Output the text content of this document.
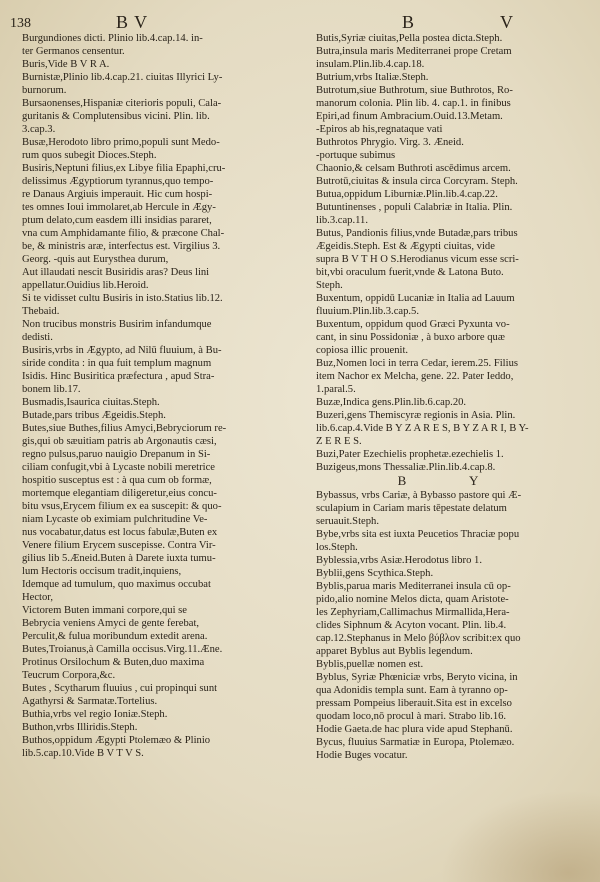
138	B V	B	V
Burgundiones dicti. Plinio lib.4.cap.14. in-
ter Germanos censentur.
Buris,Vide B V R A.
Burnistæ,Plinio lib.4.cap.21. ciuitas Illyrici Ly-
burnorum.
Bursaonenses,Hispaniæ citerioris populi, Cala-
guritanis & Complutensibus vicini. Plin. lib.
3.cap.3.
Busæ,Herodoto libro primo,populi sunt Medo-
rum quos subegit Dioces.Steph.
Busiris,Neptuni filius,ex Libye filia Epaphi,cru-
delissimus Ægyptiorum tyrannus,quo tempo-
re Danaus Argiuis imperauit. Hic cum hospi-
tes omnes Ioui immolaret,ab Hercule in Ægy-
ptum delato,cum easdem illi insidias pararet,
vna cum Amphidamante filio, & præcone Chal-
be, & ministris aræ, interfectus est. Virgilius 3.
Georg. -quis aut Eurysthea durum,
Aut illaudati nescit Busiridis aras? Deus lini
appellatur.Ouidius lib.Heroid.
Si te vidisset cultu Busiris in isto.Statius lib.12.
Thebaid.
Non trucibus monstris Busirim infandumque
dedisti.
Busiris,vrbs in Ægypto, ad Nilū fluuium, à Bu-
siride condita : in qua fuit templum magnum
Isidis. Hinc Busiritica præfectura , apud Stra-
bonem lib.17.
Busmadis,Isaurica ciuitas.Steph.
Butade,pars tribus Ægeidis.Steph.
Butes,siue Buthes,filius Amyci,Bebryciorum re-
gis,qui ob sæuitiam patris ab Argonautis cæsi,
regno pulsus,paruo nauigio Drepanum in Si-
ciliam confugit,vbi à Lycaste nobili meretrice
hospitio susceptus est : à qua cum ob formæ,
mortemque elegantiam diligeretur,eius concu-
bitu vsus,Erycem filium ex ea suscepit: & quo-
niam Lycaste ob eximiam pulchritudine Ve-
nus vocabatur,datus est locus fabulæ,Buten ex
Venere filium Erycem suscepisse. Contra Vir-
gilius lib 5.Æneid.Buten à Darete iuxta tumu-
lum Hectoris occisum tradit,inquiens,
Idemque ad tumulum, quo maximus occubat
Hector,
Victorem Buten immani corpore,qui se
Bebrycia veniens Amyci de gente ferebat,
Perculit,& fulua moribundum extedit arena.
Butes,Troianus,à Camilla occisus.Virg.11.Æne.
Protinus Orsilochum & Buten,duo maxima
Teucrum Corpora,&c.
Butes , Scytharum fluuius , cui propinqui sunt
Agathyrsi & Sarmatæ.Tortelius.
Buthia,vrbs vel regio Ioniæ.Steph.
Buthon,vrbs Illiridis.Steph.
Buthos,oppidum Ægypti Ptolemæo & Plinio
lib.5.cap.10.Vide B V T V S.
Butis,Syriæ ciuitas,Pella postea dicta.Steph.
Butra,insula maris Mediterranei prope Cretam
insulam.Plin.lib.4.cap.18.
Butrium,vrbs Italiæ.Steph.
Butrotum,siue Buthrotum, siue Buthrotos, Ro-
manorum colonia. Plin lib. 4. cap.1. in finibus
Epiri,ad finum Ambracium.Ouid.13.Metam.
-Epiros ab his,regnataque vati
Buthrotos Phrygio. Virg. 3. Æneid.
-portuque subimus
Chaonio,& celsam Buthroti ascēdimus arcem.
Butrotū,ciuitas & insula circa Corcyram. Steph.
Butua,oppidum Liburniæ.Plin.lib.4.cap.22.
Butuntinenses , populi Calabriæ in Italia. Plin.
lib.3.cap.11.
Butus, Pandionis filius,vnde Butadæ,pars tribus
Ægeidis.Steph. Est & Ægypti ciuitas, vide
supra B V T H O S.Herodianus vicum esse scri-
bit,vbi oraculum fuerit,vnde & Latona Buto.
Steph.
Buxentum, oppidū Lucaniæ in Italia ad Lauum
fluuium.Plin.lib.3.cap.5.
Buxentum, oppidum quod Græci Pyxunta vo-
cant, in sinu Possidoniæ , à buxo arbore quæ
copiosa illic prouenit.
Buz,Nomen loci in terra Cedar, ierem.25. Filius
item Nachor ex Melcha, gene. 22. Pater Ieddo,
1.paral.5.
Buzæ,Indica gens.Plin.lib.6.cap.20.
Buzeri,gens Themiscyræ regionis in Asia. Plin.
lib.6.cap.4.Vide B Y Z A R E S, B Y Z A R I, B Y-
Z E R E S.
Buzi,Pater Ezechielis prophetæ.ezechielis 1.
Buzigeus,mons Thessaliæ.Plin.lib.4.cap.8.
B Y
Bybassus, vrbs Cariæ, à Bybasso pastore qui Æ-
sculapium in Cariam maris tēpestate delatum
seruauit.Steph.
Bybe,vrbs sita est iuxta Peucetios Thraciæ popu
los.Steph.
Byblessia,vrbs Asiæ.Herodotus libro 1.
Byblii,gens Scythica.Steph.
Byblis,parua maris Mediterranei insula cū op-
pido,alio nomine Melos dicta, quam Aristote-
les Zephyriam,Callimachus Mirmallida,Hera-
clides Siphnum & Acyton vocant. Plin. lib.4.
cap.12.Stephanus in Melo βύβλον scribit:ex quo
apparet Byblus aut Byblis legendum.
Byblis,puellæ nomen est.
Byblus, Syriæ Phœniciæ vrbs, Beryto vicina, in
qua Adonidis templa sunt. Eam à tyranno op-
pressam Pompeius liberauit.Sita est in excelso
quodam loco,nō procul à mari. Strabo lib.16.
Hodie Gaeta.de hac plura vide apud Stephanū.
Bycus, fluuius Sarmatiæ in Europa, Ptolemæo.
Hodie Buges vocatur.
